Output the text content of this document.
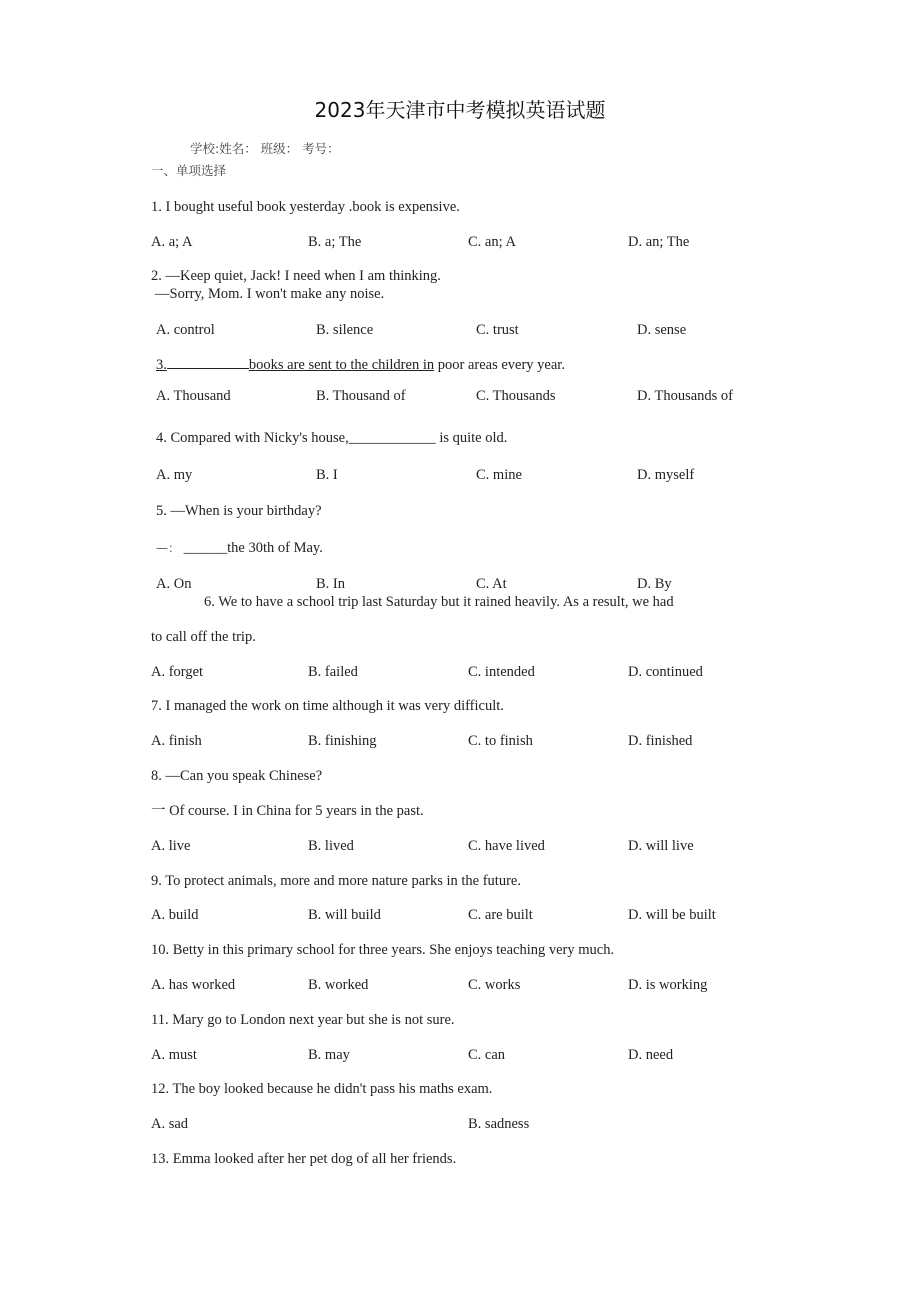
2023年天津市中考模拟英语试题
学校:姓名： 班级： 考号：
一、单项选择
1. I bought useful book yesterday .book is expensive.
A. a; A	B. a; The	C. an; A	D. an; The
2. —Keep quiet, Jack! I need when I am thinking.
—Sorry, Mom. I won't make any noise.
A. control	B. silence	C. trust	D. sense
3.	books are sent to the children in poor areas every year.
A. Thousand	B. Thousand of	C. Thousands	D. Thousands of
4. Compared with Nicky's house,____________ is quite old.
A. my	B. I	C. mine	D. myself
5. —When is your birthday?
—： ______the 30th of May.
A. On	B. In	C. At	D. By
6. We to have a school trip last Saturday but it rained heavily. As a result, we had
to call off the trip.
A. forget	B. failed	C. intended	D. continued
7. I managed the work on time although it was very difficult.
A. finish	B. finishing	C. to finish	D. finished
8. —Can you speak Chinese?
一 Of course. I in China for 5 years in the past.
A. live	B. lived	C. have lived	D. will live
9. To protect animals, more and more nature parks in the future.
A. build	B. will build	C. are built	D. will be built
10. Betty in this primary school for three years. She enjoys teaching very much.
A. has worked	B. worked	C. works	D. is working
11. Mary go to London next year but she is not sure.
A. must	B. may	C. can	D. need
12. The boy looked because he didn't pass his maths exam.
A. sad	B. sadness
13. Emma looked after her pet dog of all her friends.
